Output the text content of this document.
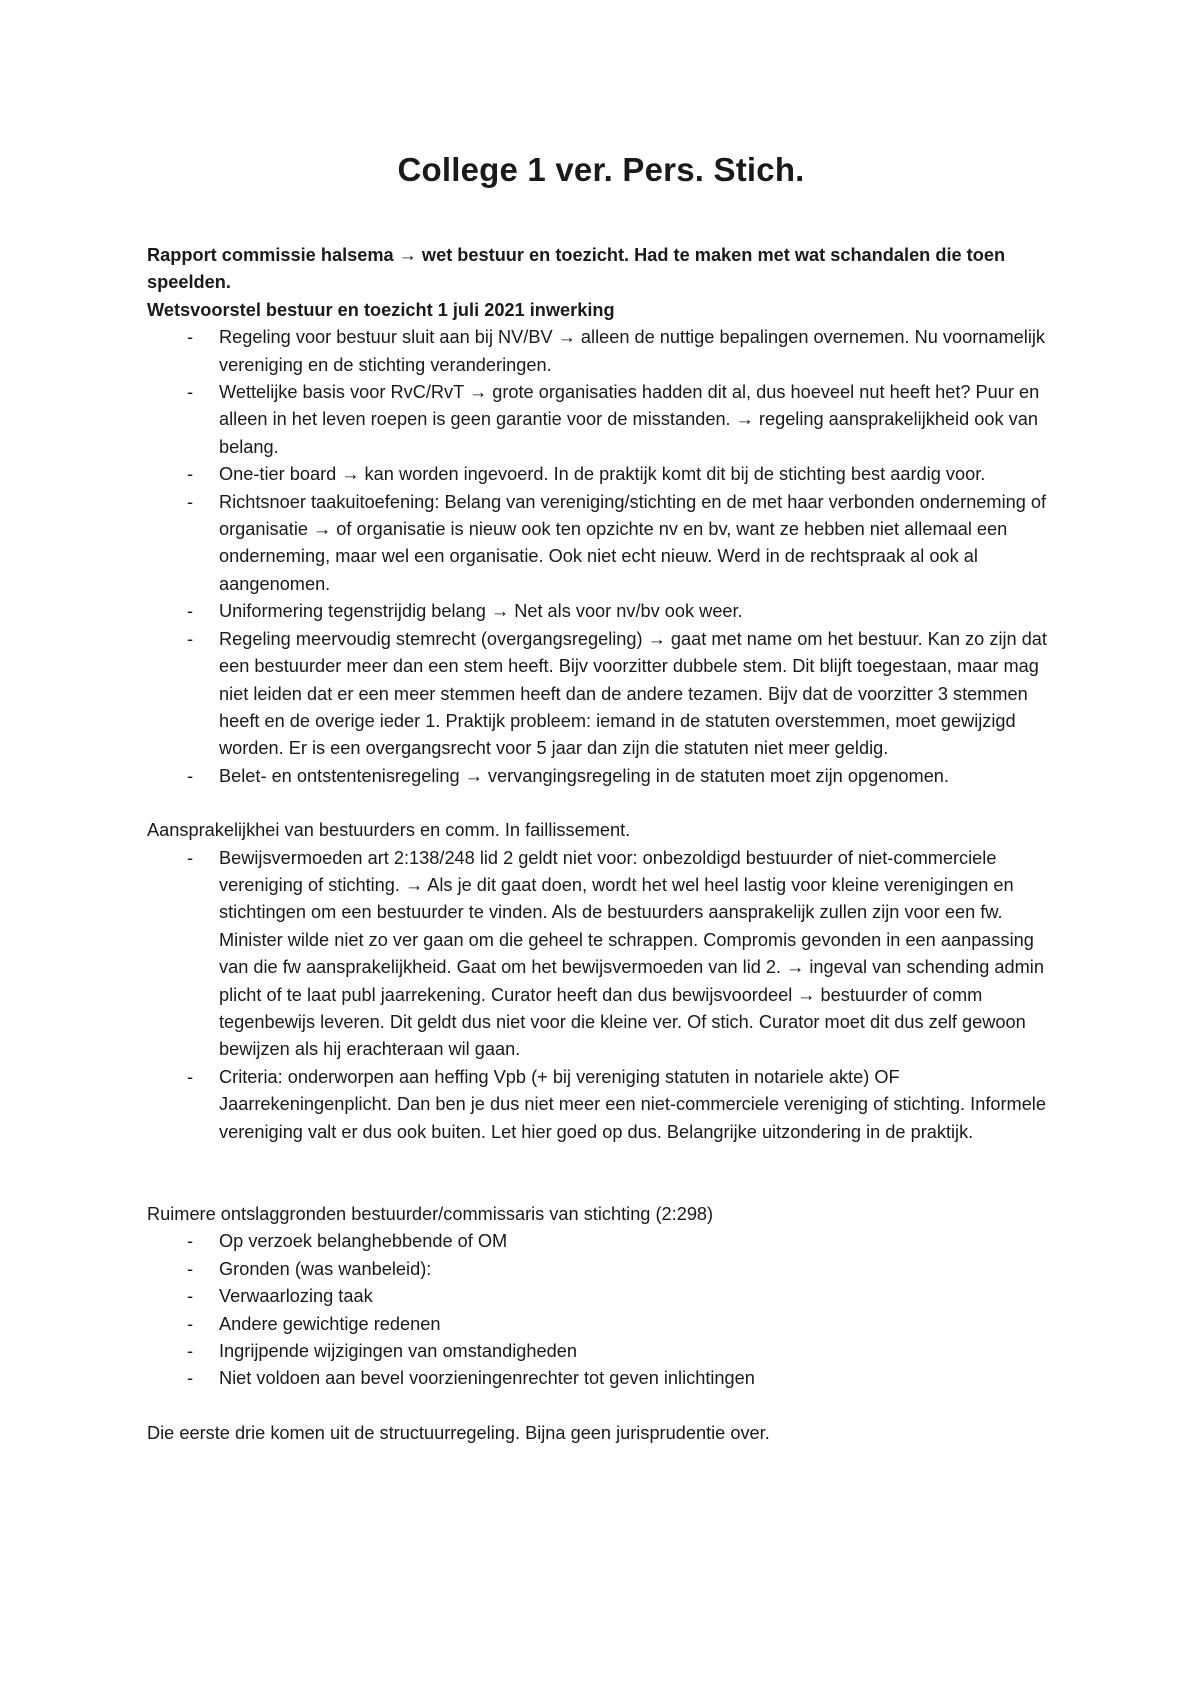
College 1 ver. Pers. Stich.

Rapport commissie halsema → wet bestuur en toezicht. Had te maken met wat schandalen die toen speelden.

Wetsvoorstel bestuur en toezicht 1 juli 2021 inwerking

- Regeling voor bestuur sluit aan bij NV/BV → alleen de nuttige bepalingen overnemen. Nu voornamelijk vereniging en de stichting veranderingen.
- Wettelijke basis voor RvC/RvT → grote organisaties hadden dit al, dus hoeveel nut heeft het? Puur en alleen in het leven roepen is geen garantie voor de misstanden. → regeling aansprakelijkheid ook van belang.
- One-tier board → kan worden ingevoerd. In de praktijk komt dit bij de stichting best aardig voor.
- Richtsnoer taakuitoefening: Belang van vereniging/stichting en de met haar verbonden onderneming of organisatie → of organisatie is nieuw ook ten opzichte nv en bv, want ze hebben niet allemaal een onderneming, maar wel een organisatie. Ook niet echt nieuw. Werd in de rechtspraak al ook al aangenomen.
- Uniformering tegenstrijdig belang → Net als voor nv/bv ook weer.
- Regeling meervoudig stemrecht (overgangsregeling) → gaat met name om het bestuur. Kan zo zijn dat een bestuurder meer dan een stem heeft. Bijv voorzitter dubbele stem. Dit blijft toegestaan, maar mag niet leiden dat er een meer stemmen heeft dan de andere tezamen. Bijv dat de voorzitter 3 stemmen heeft en de overige ieder 1. Praktijk probleem: iemand in de statuten overstemmen, moet gewijzigd worden. Er is een overgangsrecht voor 5 jaar dan zijn die statuten niet meer geldig.
- Belet- en ontstentenisregeling → vervangingsregeling in de statuten moet zijn opgenomen.

Aansprakelijkhei van bestuurders en comm. In faillissement.

- Bewijsvermoeden art 2:138/248 lid 2 geldt niet voor: onbezoldigd bestuurder of niet-commerciele vereniging of stichting. → Als je dit gaat doen, wordt het wel heel lastig voor kleine verenigingen en stichtingen om een bestuurder te vinden. Als de bestuurders aansprakelijk zullen zijn voor een fw. Minister wilde niet zo ver gaan om die geheel te schrappen. Compromis gevonden in een aanpassing van die fw aansprakelijkheid. Gaat om het bewijsvermoeden van lid 2. → ingeval van schending admin plicht of te laat publ jaarrekening. Curator heeft dan dus bewijsvoordeel → bestuurder of comm tegenbewijs leveren. Dit geldt dus niet voor die kleine ver. Of stich. Curator moet dit dus zelf gewoon bewijzen als hij erachteraan wil gaan.
- Criteria: onderworpen aan heffing Vpb (+ bij vereniging statuten in notariele akte) OF Jaarrekeningenplicht. Dan ben je dus niet meer een niet-commerciele vereniging of stichting. Informele vereniging valt er dus ook buiten. Let hier goed op dus. Belangrijke uitzondering in de praktijk.

Ruimere ontslaggronden bestuurder/commissaris van stichting (2:298)

- Op verzoek belanghebbende of OM
- Gronden (was wanbeleid):
- Verwaarlozing taak
- Andere gewichtige redenen
- Ingrijpende wijzigingen van omstandigheden
- Niet voldoen aan bevel voorzieningenrechter tot geven inlichtingen

Die eerste drie komen uit de structuurregeling. Bijna geen jurisprudentie over.
